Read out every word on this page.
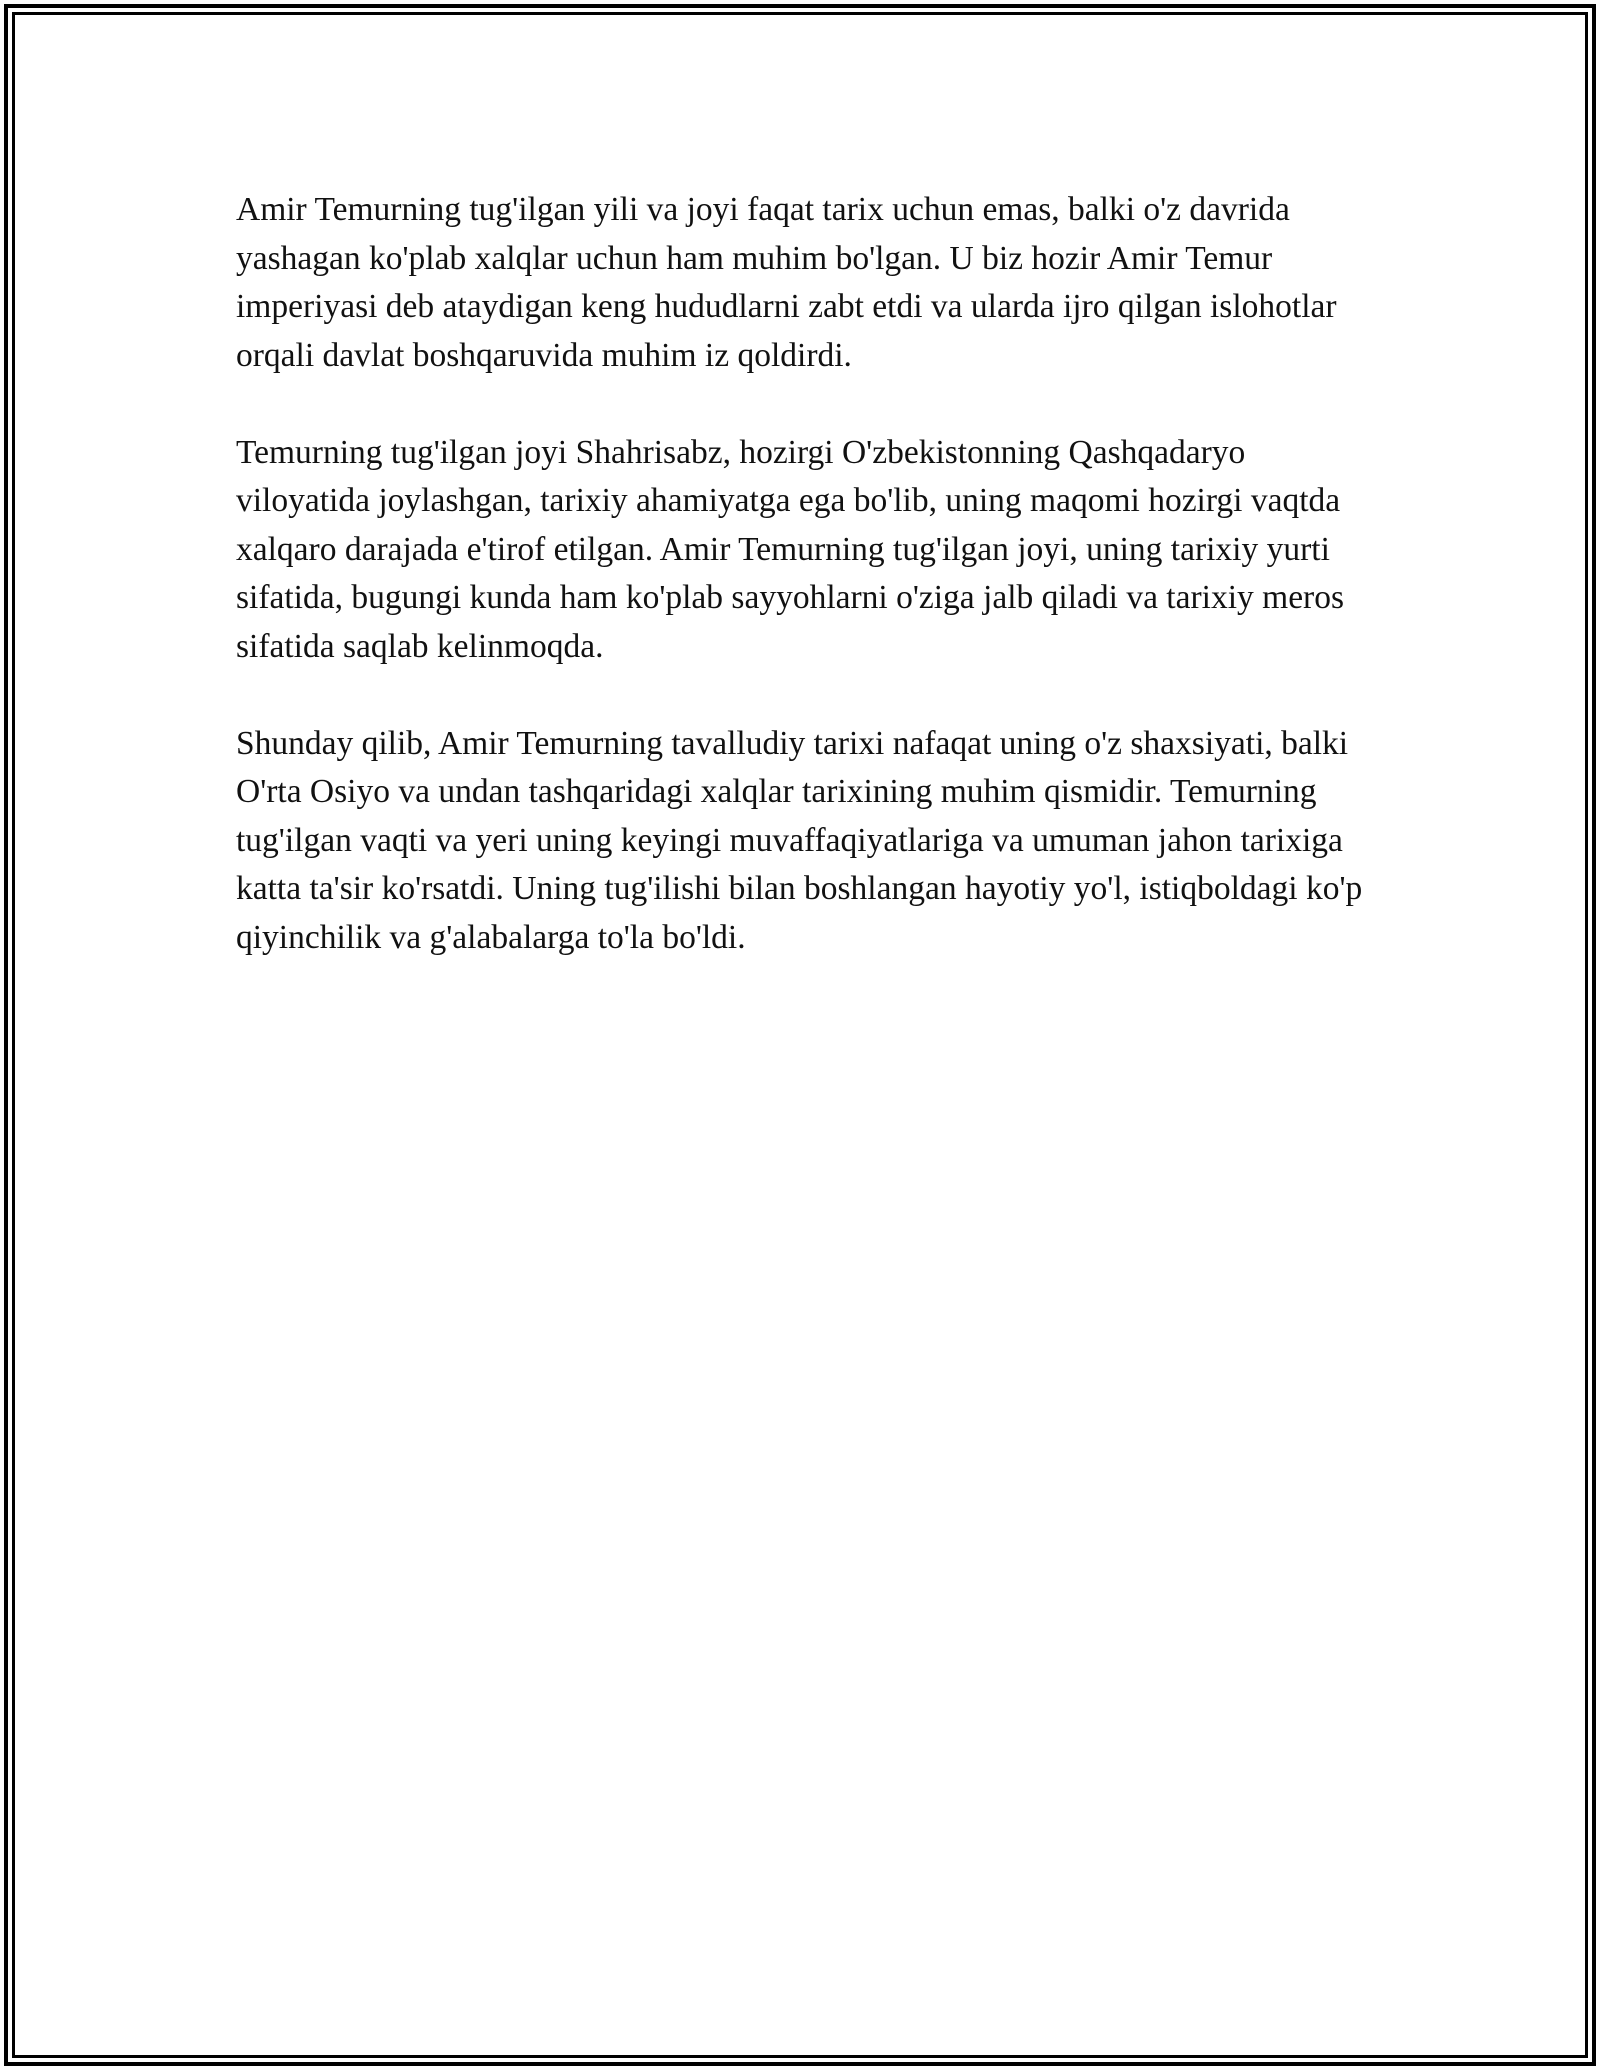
Amir Temurning tug'ilgan yili va joyi faqat tarix uchun emas, balki o'z davrida yashagan ko'plab xalqlar uchun ham muhim bo'lgan. U biz hozir Amir Temur imperiyasi deb ataydigan keng hududlarni zabt etdi va ularda ijro qilgan islohotlar orqali davlat boshqaruvida muhim iz qoldirdi.

Temurning tug'ilgan joyi Shahrisabz, hozirgi O'zbekistonning Qashqadaryo viloyatida joylashgan, tarixiy ahamiyatga ega bo'lib, uning maqomi hozirgi vaqtda xalqaro darajada e'tirof etilgan. Amir Temurning tug'ilgan joyi, uning tarixiy yurti sifatida, bugungi kunda ham ko'plab sayyohlarni o'ziga jalb qiladi va tarixiy meros sifatida saqlab kelinmoqda.

Shunday qilib, Amir Temurning tavalludiy tarixi nafaqat uning o'z shaxsiyati, balki O'rta Osiyo va undan tashqaridagi xalqlar tarixining muhim qismidir. Temurning tug'ilgan vaqti va yeri uning keyingi muvaffaqiyatlariga va umuman jahon tarixiga katta ta'sir ko'rsatdi. Uning tug'ilishi bilan boshlangan hayotiy yo'l, istiqboldagi ko'p qiyinchilik va g'alabalarga to'la bo'ldi.
